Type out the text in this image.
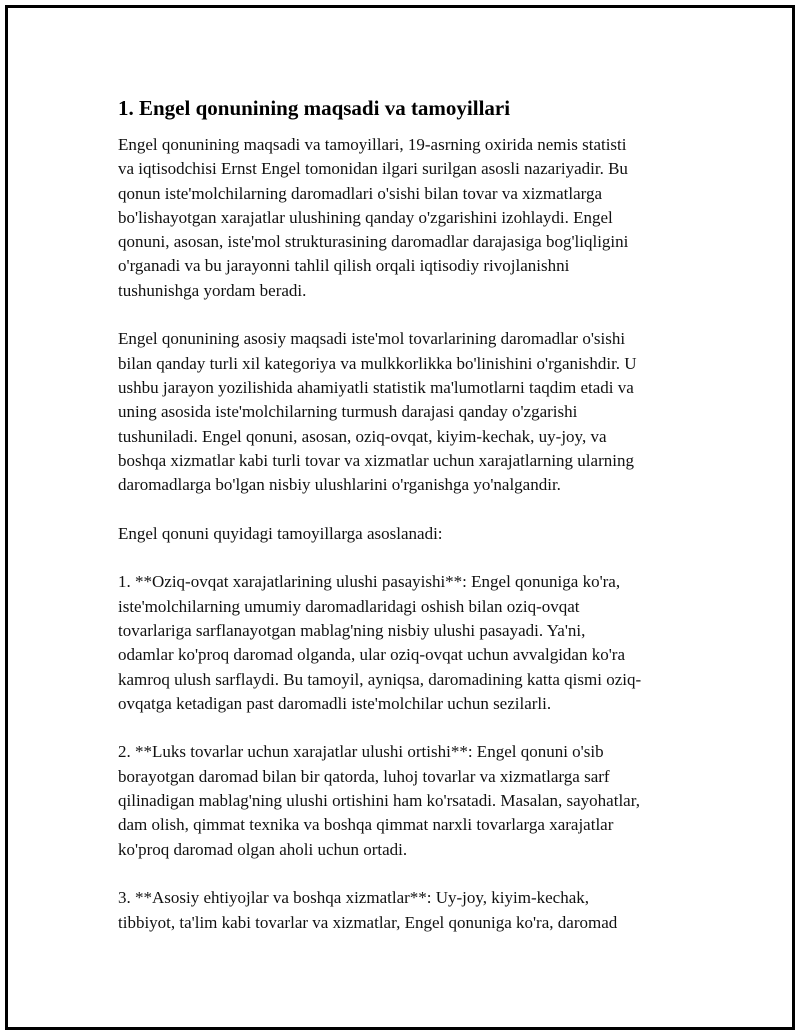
1. Engel qonunining maqsadi va tamoyillari
Engel qonunining maqsadi va tamoyillari, 19-asrning oxirida nemis statisti
va iqtisodchisi Ernst Engel tomonidan ilgari surilgan asosli nazariyadir. Bu
qonun iste'molchilarning daromadlari o'sishi bilan tovar va xizmatlarga
bo'lishayotgan xarajatlar ulushining qanday o'zgarishini izohlaydi. Engel
qonuni, asosan, iste'mol strukturasining daromadlar darajasiga bog'liqligini
o'rganadi va bu jarayonni tahlil qilish orqali iqtisodiy rivojlanishni
tushunishga yordam beradi.
Engel qonunining asosiy maqsadi iste'mol tovarlarining daromadlar o'sishi
bilan qanday turli xil kategoriya va mulkkorlikka bo'linishini o'rganishdir. U
ushbu jarayon yozilishida ahamiyatli statistik ma'lumotlarni taqdim etadi va
uning asosida iste'molchilarning turmush darajasi qanday o'zgarishi
tushuniladi. Engel qonuni, asosan, oziq-ovqat, kiyim-kechak, uy-joy, va
boshqa xizmatlar kabi turli tovar va xizmatlar uchun xarajatlarning ularning
daromadlarga bo'lgan nisbiy ulushlarini o'rganishga yo'nalgandir.
Engel qonuni quyidagi tamoyillarga asoslanadi:
1. **Oziq-ovqat xarajatlarining ulushi pasayishi**: Engel qonuniga ko'ra,
iste'molchilarning umumiy daromadlaridagi oshish bilan oziq-ovqat
tovarlariga sarflanayotgan mablag'ning nisbiy ulushi pasayadi. Ya'ni,
odamlar ko'proq daromad olganda, ular oziq-ovqat uchun avvalgidan ko'ra
kamroq ulush sarflaydi. Bu tamoyil, ayniqsa, daromadining katta qismi oziq-
ovqatga ketadigan past daromadli iste'molchilar uchun sezilarli.
2. **Luks tovarlar uchun xarajatlar ulushi ortishi**: Engel qonuni o'sib
borayotgan daromad bilan bir qatorda, luhoj tovarlar va xizmatlarga sarf
qilinadigan mablag'ning ulushi ortishini ham ko'rsatadi. Masalan, sayohatlar,
dam olish, qimmat texnika va boshqa qimmat narxli tovarlarga xarajatlar
ko'proq daromad olgan aholi uchun ortadi.
3. **Asosiy ehtiyojlar va boshqa xizmatlar**: Uy-joy, kiyim-kechak,
tibbiyot, ta'lim kabi tovarlar va xizmatlar, Engel qonuniga ko'ra, daromad
